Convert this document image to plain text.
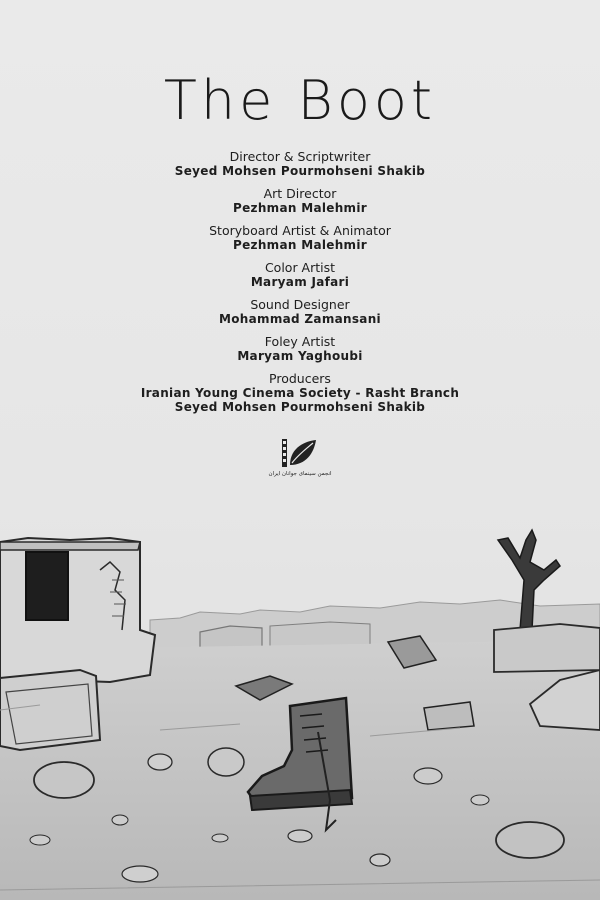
The Boot
Director & Scriptwriter
Seyed Mohsen Pourmohseni Shakib
Art Director
Pezhman Malehmir
Storyboard Artist & Animator
Pezhman Malehmir
Color Artist
Maryam Jafari
Sound Designer
Mohammad Zamansani
Foley Artist
Maryam Yaghoubi
Producers
Iranian Young Cinema Society - Rasht Branch
Seyed Mohsen Pourmohseni Shakib
انجمن سینمای جوانان ایران
